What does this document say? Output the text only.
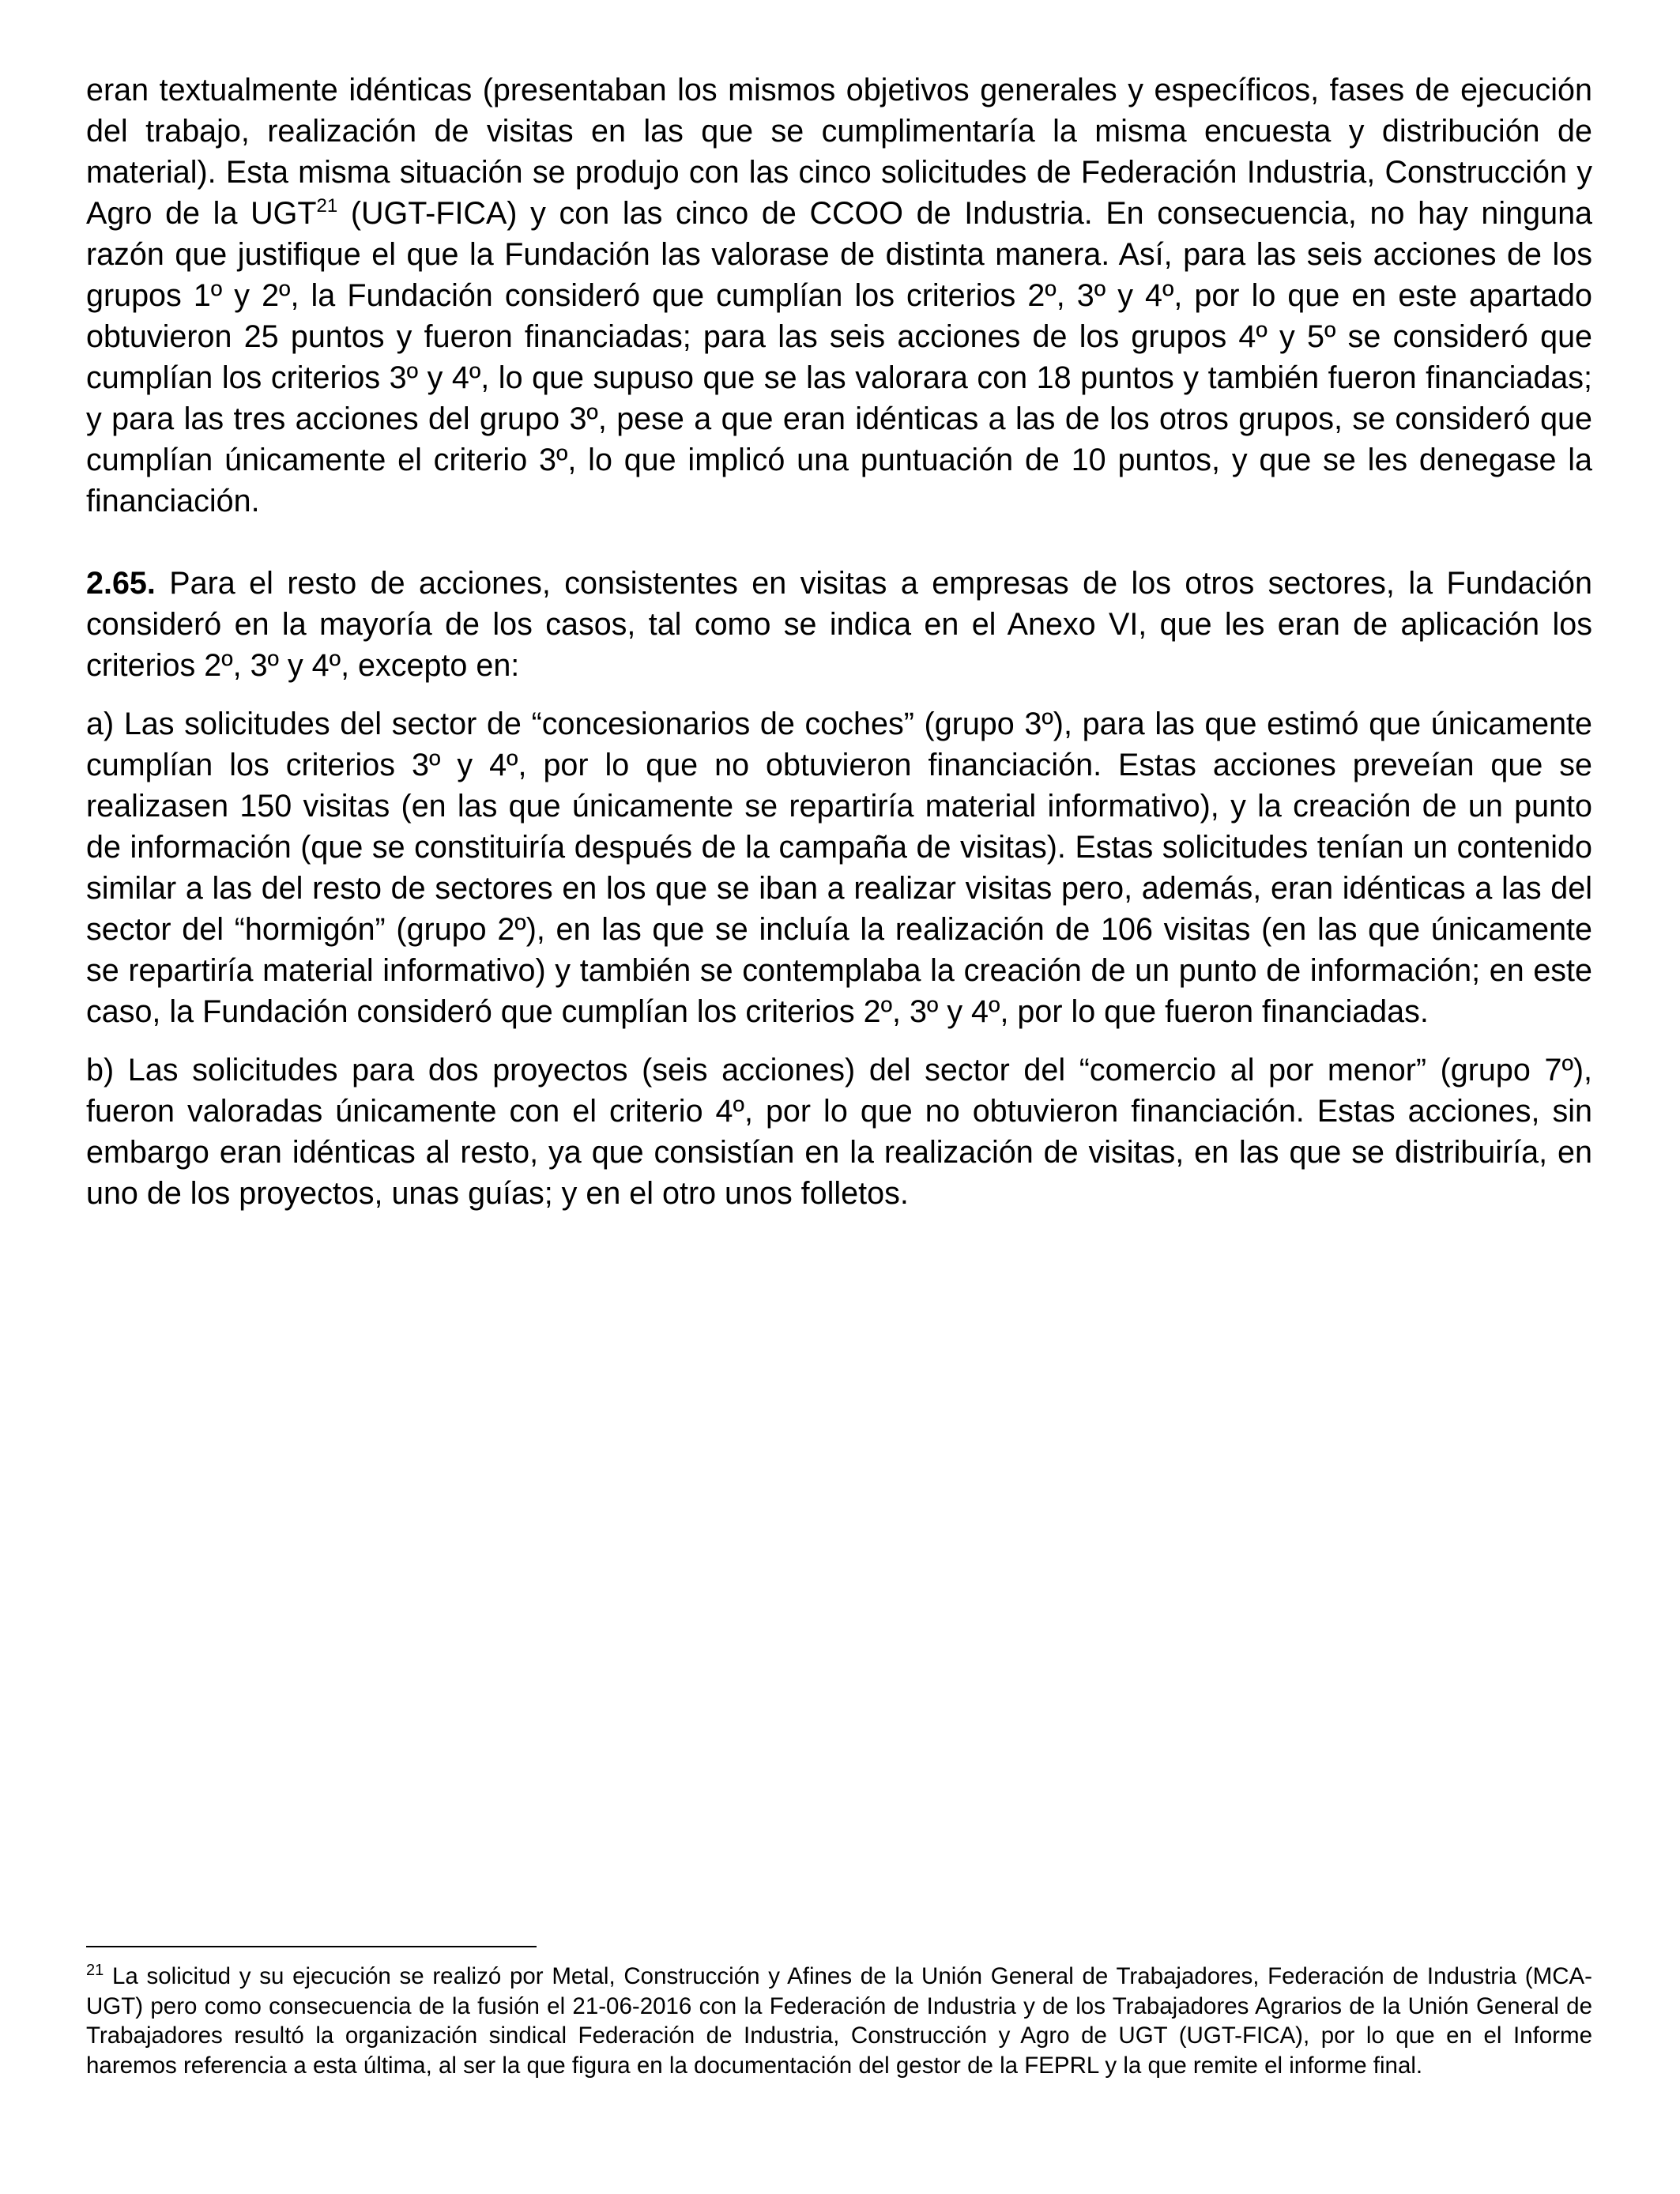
eran textualmente idénticas (presentaban los mismos objetivos generales y específicos, fases de ejecución del trabajo, realización de visitas en las que se cumplimentaría la misma encuesta y distribución de material). Esta misma situación se produjo con las cinco solicitudes de Federación Industria, Construcción y Agro de la UGT$^{21}$ (UGT-FICA) y con las cinco de CCOO de Industria. En consecuencia, no hay ninguna razón que justifique el que la Fundación las valorase de distinta manera. Así, para las seis acciones de los grupos 1º y 2º, la Fundación consideró que cumplían los criterios 2º, 3º y 4º, por lo que en este apartado obtuvieron 25 puntos y fueron financiadas; para las seis acciones de los grupos 4º y 5º se consideró que cumplían los criterios 3º y 4º, lo que supuso que se las valorara con 18 puntos y también fueron financiadas; y para las tres acciones del grupo 3º, pese a que eran idénticas a las de los otros grupos, se consideró que cumplían únicamente el criterio 3º, lo que implicó una puntuación de 10 puntos, y que se les denegase la financiación.

2.65. Para el resto de acciones, consistentes en visitas a empresas de los otros sectores, la Fundación consideró en la mayoría de los casos, tal como se indica en el Anexo VI, que les eran de aplicación los criterios 2º, 3º y 4º, excepto en:

a) Las solicitudes del sector de “concesionarios de coches” (grupo 3º), para las que estimó que únicamente cumplían los criterios 3º y 4º, por lo que no obtuvieron financiación. Estas acciones preveían que se realizasen 150 visitas (en las que únicamente se repartiría material informativo), y la creación de un punto de información (que se constituiría después de la campaña de visitas). Estas solicitudes tenían un contenido similar a las del resto de sectores en los que se iban a realizar visitas pero, además, eran idénticas a las del sector del “hormigón” (grupo 2º), en las que se incluía la realización de 106 visitas (en las que únicamente se repartiría material informativo) y también se contemplaba la creación de un punto de información; en este caso, la Fundación consideró que cumplían los criterios 2º, 3º y 4º, por lo que fueron financiadas.

b) Las solicitudes para dos proyectos (seis acciones) del sector del “comercio al por menor” (grupo 7º), fueron valoradas únicamente con el criterio 4º, por lo que no obtuvieron financiación. Estas acciones, sin embargo eran idénticas al resto, ya que consistían en la realización de visitas, en las que se distribuiría, en uno de los proyectos, unas guías; y en el otro unos folletos.

$^{21}$ La solicitud y su ejecución se realizó por Metal, Construcción y Afines de la Unión General de Trabajadores, Federación de Industria (MCA-UGT) pero como consecuencia de la fusión el 21-06-2016 con la Federación de Industria y de los Trabajadores Agrarios de la Unión General de Trabajadores resultó la organización sindical Federación de Industria, Construcción y Agro de UGT (UGT-FICA), por lo que en el Informe haremos referencia a esta última, al ser la que figura en la documentación del gestor de la FEPRL y la que remite el informe final.
